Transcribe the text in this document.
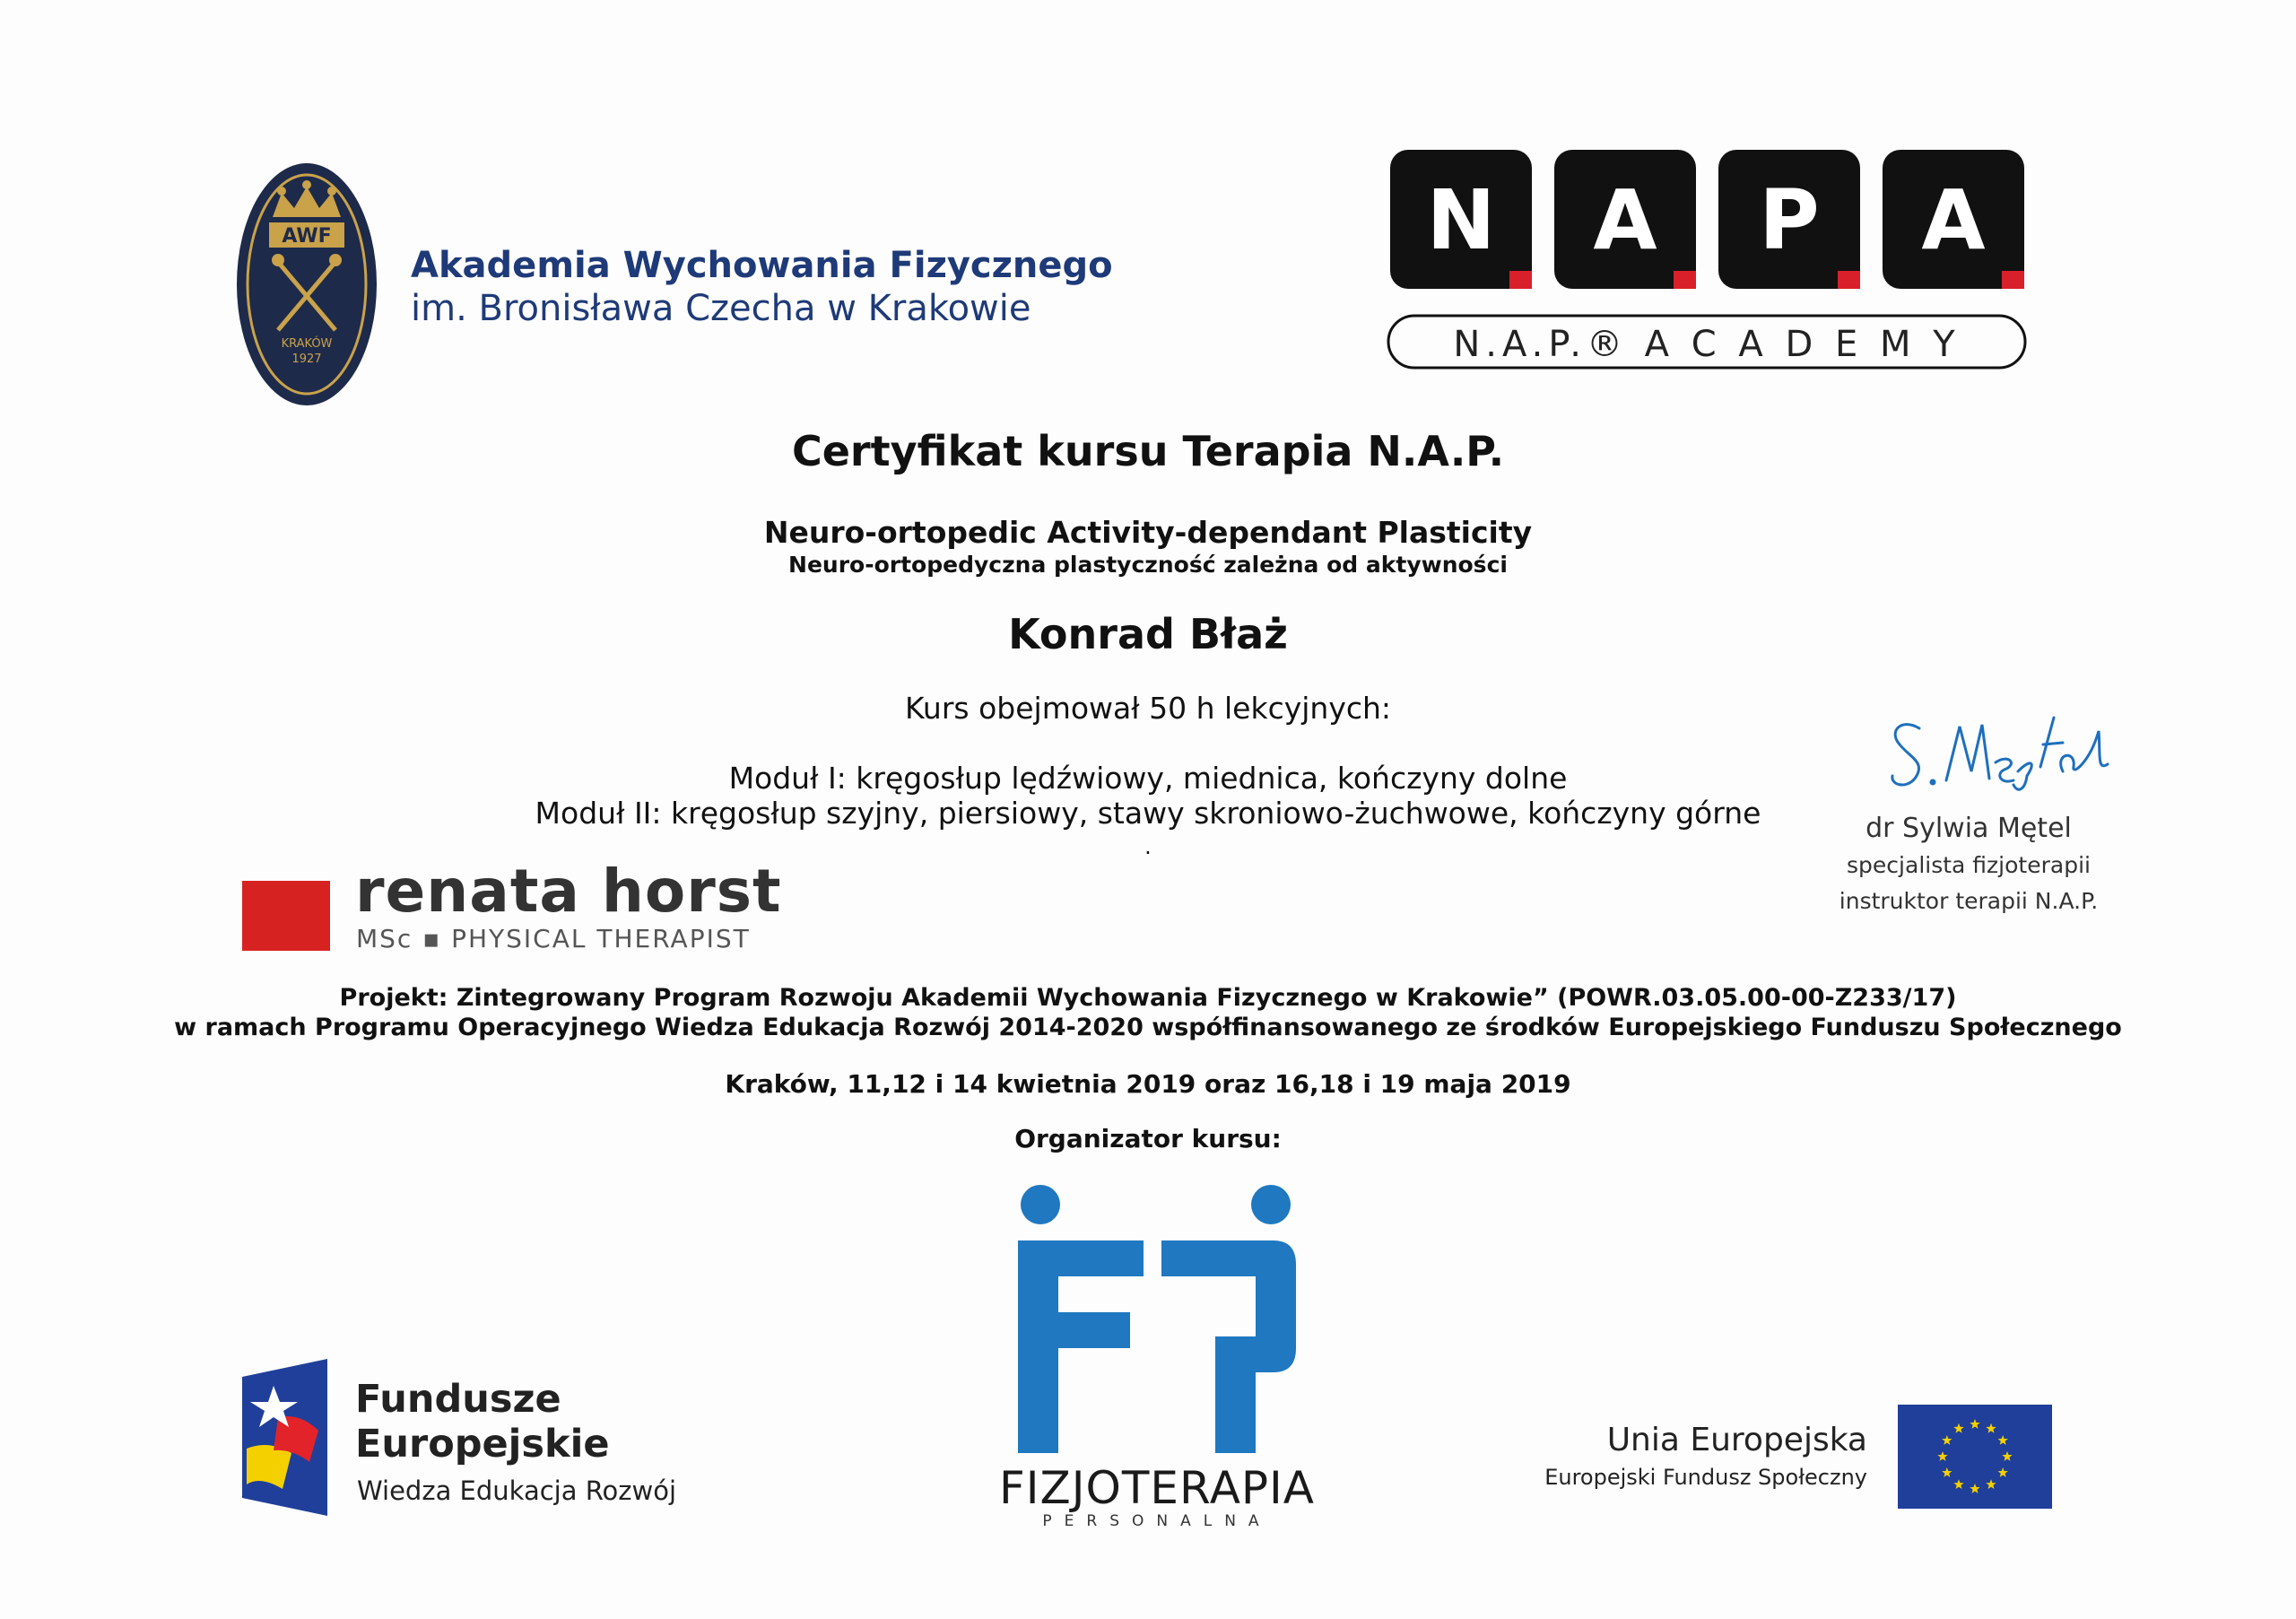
AWF
KRAKÓW
1927
Akademia Wychowania Fizycznego
im. Bronisława Czecha w Krakowie
N A P A
N.A.P.® A C A D E M Y
Certyfikat kursu Terapia N.A.P.
Neuro-ortopedic Activity-dependant Plasticity
Neuro-ortopedyczna plastyczność zależna od aktywności
Konrad Błaż
Kurs obejmował 50 h lekcyjnych:
Moduł I: kręgosłup lędźwiowy, miednica, kończyny dolne
Moduł II: kręgosłup szyjny, piersiowy, stawy skroniowo-żuchwowe, kończyny górne
.
renata horst
MSc ▪ PHYSICAL THERAPIST
dr Sylwia Mętel
specjalista fizjoterapii
instruktor terapii N.A.P.
Projekt: Zintegrowany Program Rozwoju Akademii Wychowania Fizycznego w Krakowie” (POWR.03.05.00-00-Z233/17)
w ramach Programu Operacyjnego Wiedza Edukacja Rozwój 2014-2020 współfinansowanego ze środków Europejskiego Funduszu Społecznego
Kraków, 11,12 i 14 kwietnia 2019 oraz 16,18 i 19 maja 2019
Organizator kursu:
FIZJOTERAPIA
PERSONALNA
Fundusze
Europejskie
Wiedza Edukacja Rozwój
Unia Europejska
Europejski Fundusz Społeczny
